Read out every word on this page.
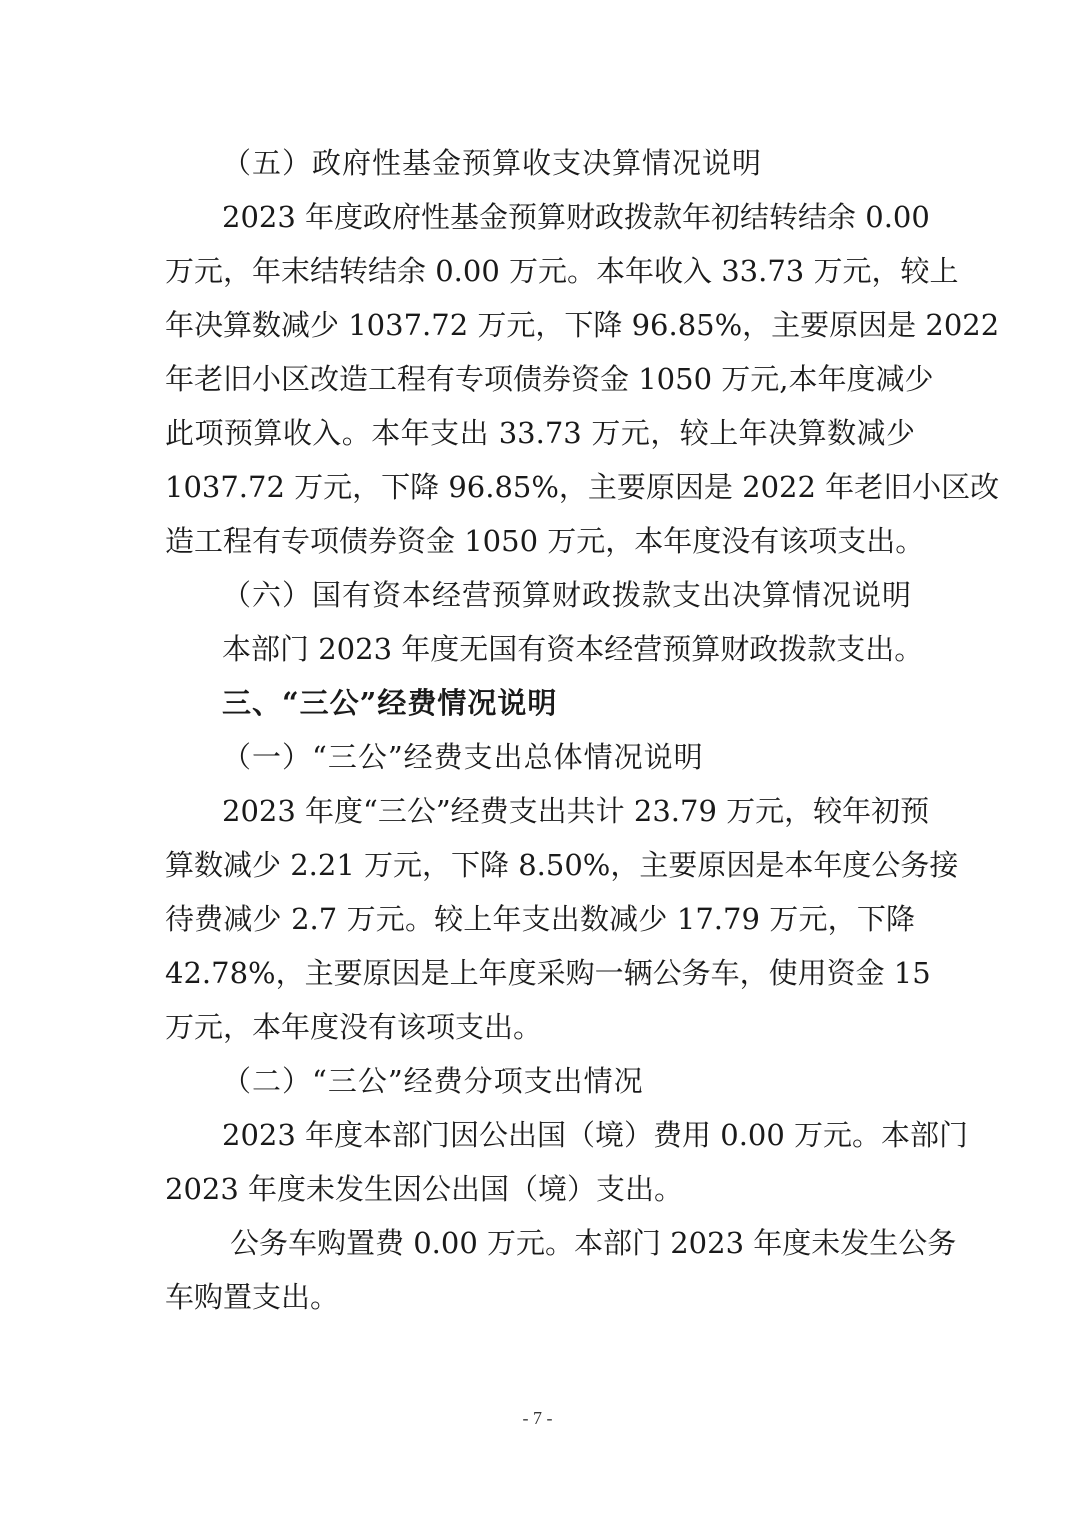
（五）政府性基金预算收支决算情况说明
2023 年度政府性基金预算财政拨款年初结转结余 0.00
万元，年末结转结余 0.00 万元。本年收入 33.73 万元，较上
年决算数减少 1037.72 万元，下降 96.85%，主要原因是 2022
年老旧小区改造工程有专项债券资金 1050 万元,本年度减少
此项预算收入。本年支出 33.73 万元，较上年决算数减少
1037.72 万元，下降 96.85%，主要原因是 2022 年老旧小区改
造工程有专项债券资金 1050 万元，本年度没有该项支出。
（六）国有资本经营预算财政拨款支出决算情况说明
本部门 2023 年度无国有资本经营预算财政拨款支出。
三、“三公”经费情况说明
（一）“三公”经费支出总体情况说明
2023 年度“三公”经费支出共计 23.79 万元，较年初预
算数减少 2.21 万元，下降 8.50%，主要原因是本年度公务接
待费减少 2.7 万元。较上年支出数减少 17.79 万元，下降
42.78%，主要原因是上年度采购一辆公务车，使用资金 15
万元，本年度没有该项支出。
（二）“三公”经费分项支出情况
2023 年度本部门因公出国（境）费用 0.00 万元。本部门
2023 年度未发生因公出国（境）支出。
公务车购置费 0.00 万元。本部门 2023 年度未发生公务
车购置支出。
- 7 -
